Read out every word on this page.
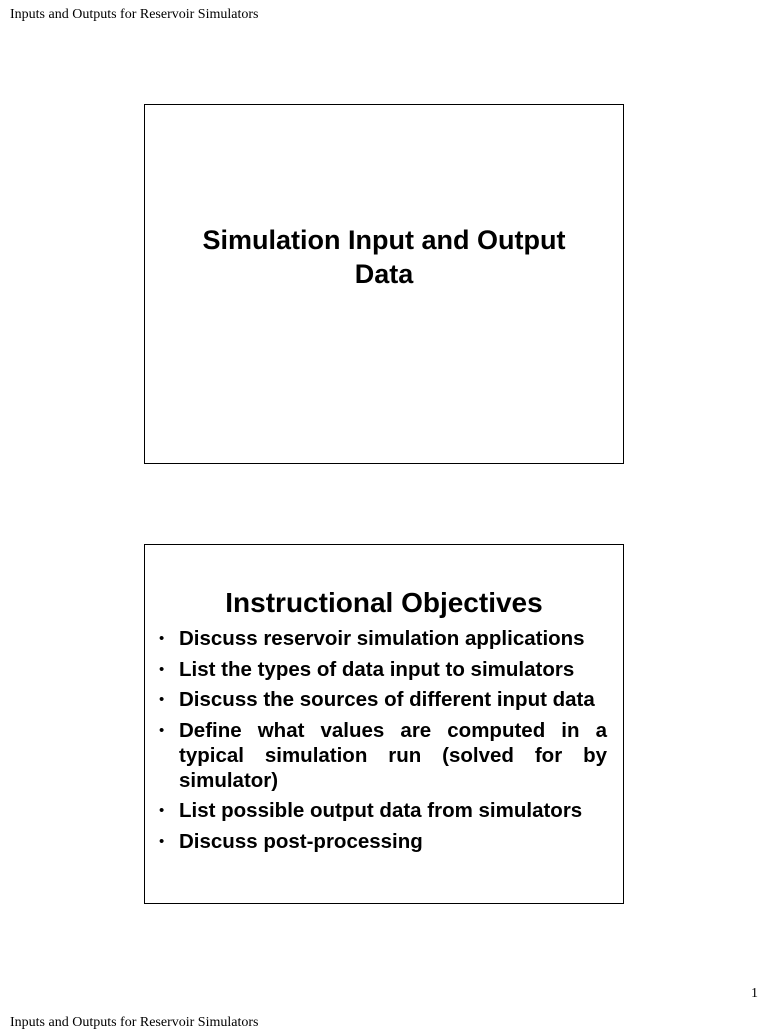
Inputs and Outputs for Reservoir Simulators
Simulation Input and Output Data
Instructional Objectives
• Discuss reservoir simulation applications
• List the types of data input to simulators
• Discuss the sources of different input data
• Define what values are computed in a typical simulation run (solved for by simulator)
• List possible output data from simulators
• Discuss post-processing
1
Inputs and Outputs for Reservoir Simulators
